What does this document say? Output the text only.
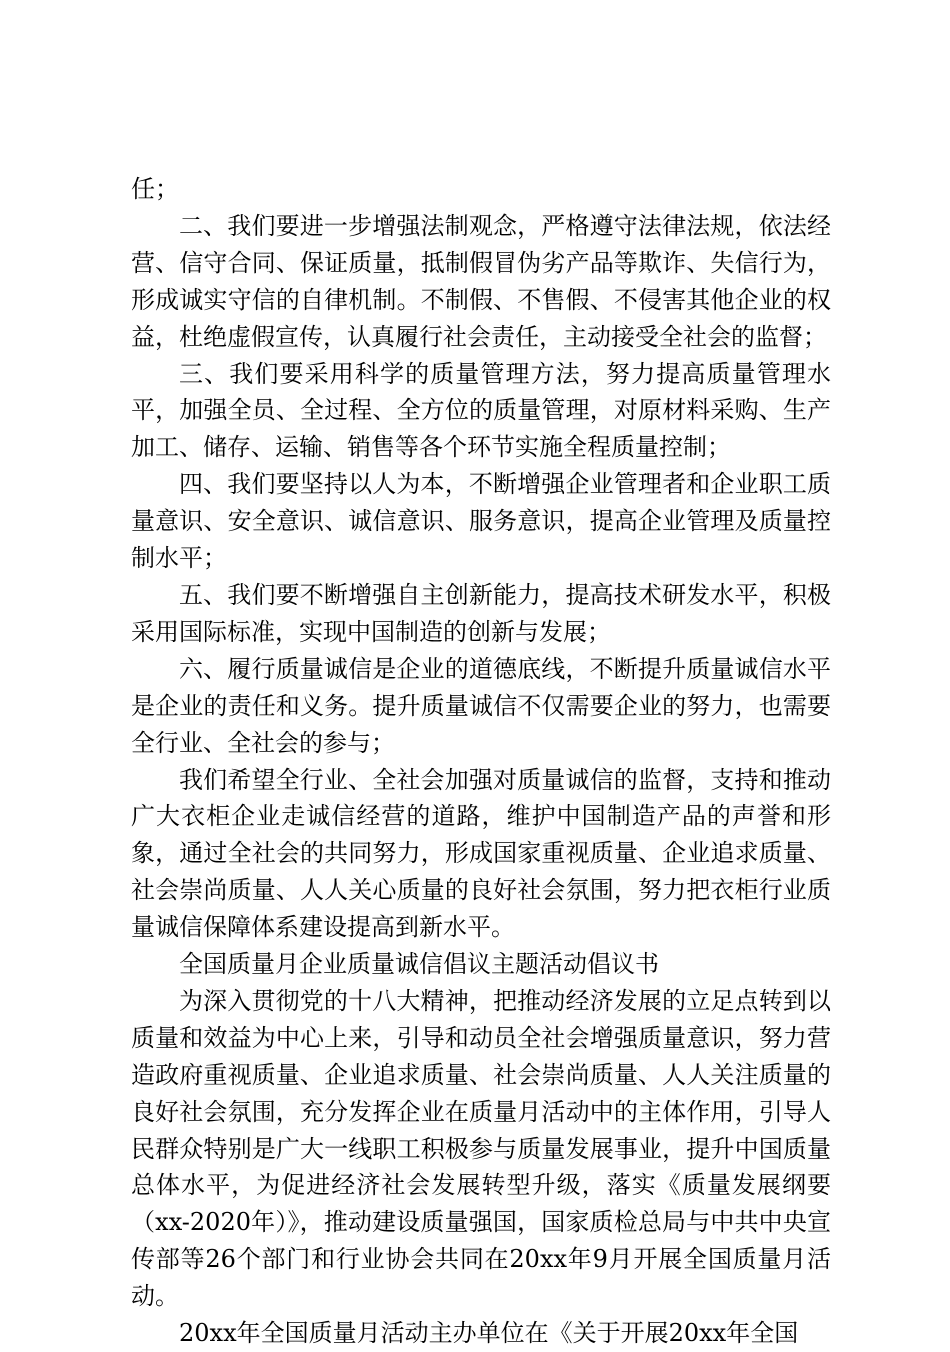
任；

二、我们要进一步增强法制观念，严格遵守法律法规，依法经营、信守合同、保证质量，抵制假冒伪劣产品等欺诈、失信行为，形成诚实守信的自律机制。不制假、不售假、不侵害其他企业的权益，杜绝虚假宣传，认真履行社会责任，主动接受全社会的监督；

三、我们要采用科学的质量管理方法，努力提高质量管理水平，加强全员、全过程、全方位的质量管理，对原材料采购、生产加工、储存、运输、销售等各个环节实施全程质量控制；

四、我们要坚持以人为本，不断增强企业管理者和企业职工质量意识、安全意识、诚信意识、服务意识，提高企业管理及质量控制水平；

五、我们要不断增强自主创新能力，提高技术研发水平，积极采用国际标准，实现中国制造的创新与发展；

六、履行质量诚信是企业的道德底线，不断提升质量诚信水平是企业的责任和义务。提升质量诚信不仅需要企业的努力，也需要全行业、全社会的参与；

我们希望全行业、全社会加强对质量诚信的监督，支持和推动广大衣柜企业走诚信经营的道路，维护中国制造产品的声誉和形象，通过全社会的共同努力，形成国家重视质量、企业追求质量、社会崇尚质量、人人关心质量的良好社会氛围，努力把衣柜行业质量诚信保障体系建设提高到新水平。

全国质量月企业质量诚信倡议主题活动倡议书

为深入贯彻党的十八大精神，把推动经济发展的立足点转到以质量和效益为中心上来，引导和动员全社会增强质量意识，努力营造政府重视质量、企业追求质量、社会崇尚质量、人人关注质量的良好社会氛围，充分发挥企业在质量月活动中的主体作用，引导人民群众特别是广大一线职工积极参与质量发展事业，提升中国质量总体水平，为促进经济社会发展转型升级，落实《质量发展纲要（xx-2020年）》，推动建设质量强国，国家质检总局与中共中央宣传部等26个部门和行业协会共同在20xx年9月开展全国质量月活动。

20xx年全国质量月活动主办单位在《关于开展20xx年全国
